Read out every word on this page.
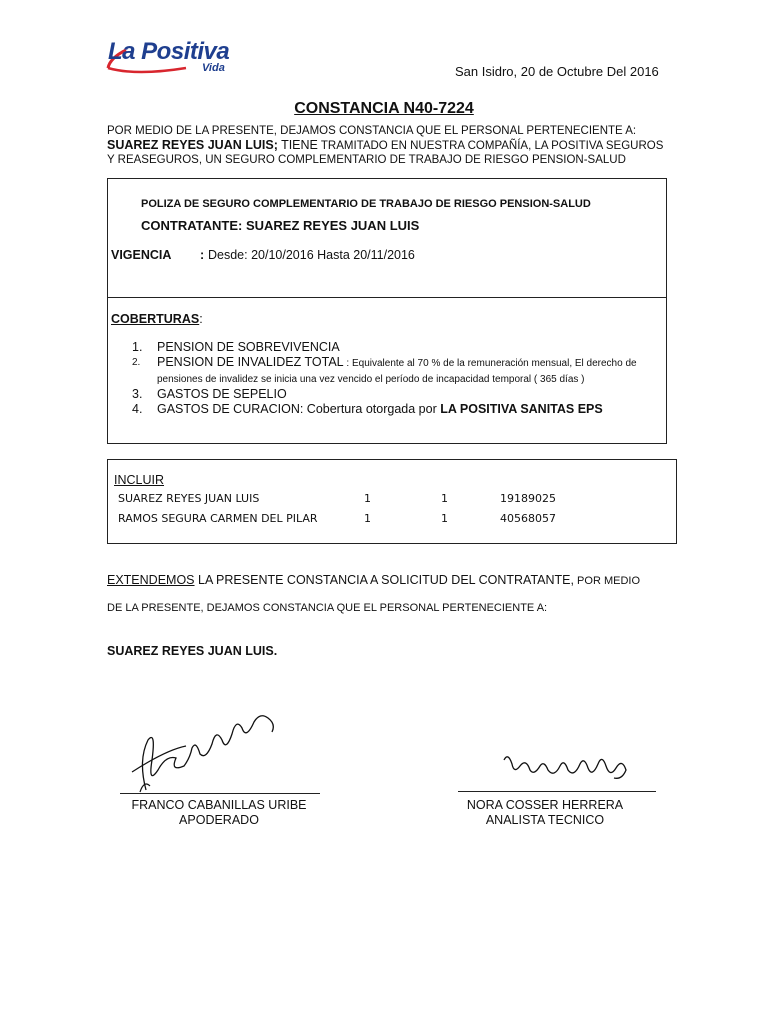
La Positiva
Vida	San Isidro, 20 de Octubre Del 2016
CONSTANCIA N40-7224
POR MEDIO DE LA PRESENTE, DEJAMOS CONSTANCIA QUE EL PERSONAL PERTENECIENTE A:
SUAREZ REYES JUAN LUIS; TIENE TRAMITADO EN NUESTRA COMPAÑÍA, LA POSITIVA SEGUROS Y REASEGUROS, UN SEGURO COMPLEMENTARIO DE TRABAJO DE RIESGO PENSION-SALUD
POLIZA DE SEGURO COMPLEMENTARIO DE TRABAJO DE RIESGO PENSION-SALUD
CONTRATANTE: SUAREZ REYES JUAN LUIS
VIGENCIA : Desde: 20/10/2016 Hasta 20/11/2016
COBERTURAS:
1. PENSION DE SOBREVIVENCIA
2. PENSION DE INVALIDEZ TOTAL : Equivalente al 70 % de la remuneración mensual, El derecho de pensiones de invalidez se inicia una vez vencido el período de incapacidad temporal ( 365 días )
3. GASTOS DE SEPELIO
4. GASTOS DE CURACION: Cobertura otorgada por LA POSITIVA SANITAS EPS
INCLUIR
SUAREZ REYES JUAN LUIS	1	1	19189025
RAMOS SEGURA CARMEN DEL PILAR	1	1	40568057
EXTENDEMOS LA PRESENTE CONSTANCIA A SOLICITUD DEL CONTRATANTE, POR MEDIO
DE LA PRESENTE, DEJAMOS CONSTANCIA QUE EL PERSONAL PERTENECIENTE A:
SUAREZ REYES JUAN LUIS.
FRANCO CABANILLAS URIBE
APODERADO
NORA COSSER HERRERA
ANALISTA TECNICO
